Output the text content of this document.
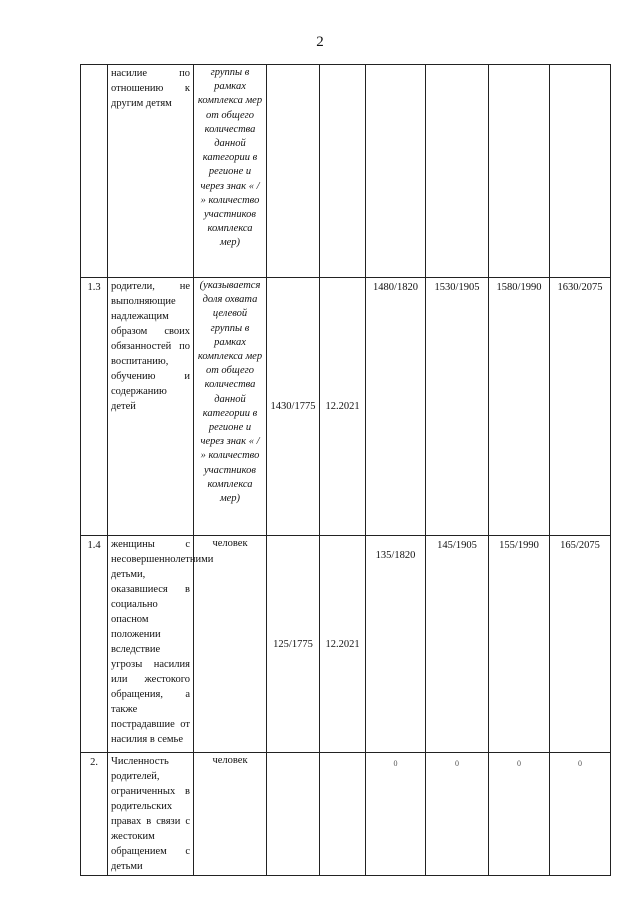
2
	насилие по отношению к другим детям	группы в рамках комплекса мер от общего количества данной категории в регионе и через знак « / » количество участников комплекса мер)						
1.3	родители, не выполняющие надлежащим образом своих обязанностей по воспитанию, обучению и содержанию детей	(указывается доля охвата целевой группы в рамках комплекса мер от общего количества данной категории в регионе и через знак « / » количество участников комплекса мер)	1430/1775	12.2021	1480/1820	1530/1905	1580/1990	1630/2075
1.4	женщины с несовершеннолетними детьми, оказавшиеся в социально опасном положении вследствие угрозы насилия или жестокого обращения, а также пострадавшие от насилия в семье	человек	125/1775	12.2021	135/1820	145/1905	155/1990	165/2075
2.	Численность родителей, ограниченных в родительских правах в связи с жестоким обращением с детьми	человек			0	0	0	0
